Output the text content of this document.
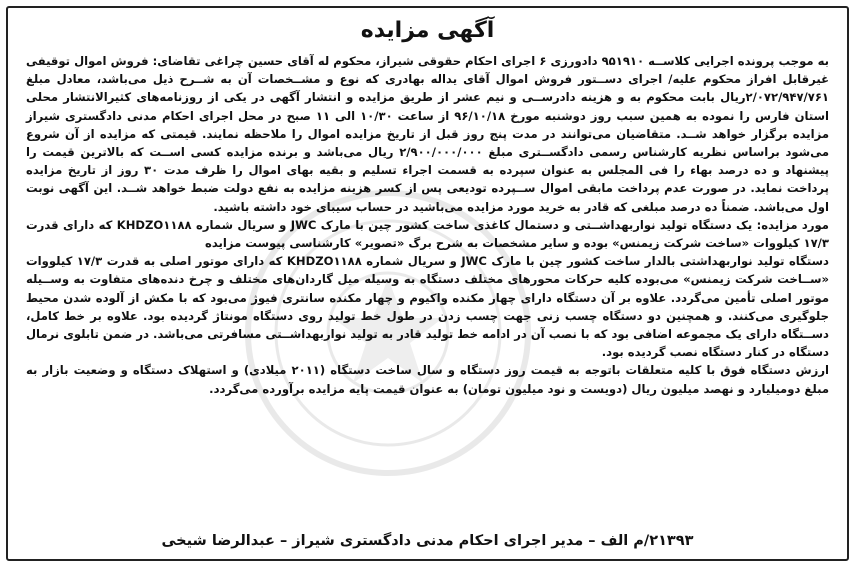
آگهی مزایده

به موجب پرونده اجرایی کلاســه ۹۵۱۹۱۰ دادورزی ۶ اجرای احکام حقوقی شیراز، محکوم له آقای حسین چراغی تقاضای: فروش اموال توقیفی غیرقابل افراز محکوم علیه/ اجرای دســتور فروش اموال آقای یداله بهادری که نوع و مشــخصات آن به شــرح ذیل می‌باشد، معادل مبلغ ۲/۰۷۲/۹۴۷/۷۶۱ریال بابت محکوم به و هزینه دادرســی و نیم عشر از طریق مزایده و انتشار آگهی در یکی از روزنامه‌های کثیرالانتشار محلی استان فارس را نموده به همین سبب روز دوشنبه مورخ ۹۶/۱۰/۱۸ از ساعت ۱۰/۳۰ الی ۱۱ صبح در محل اجرای احکام مدنی دادگستری شیراز مزایده برگزار خواهد شــد. متقاضیان می‌توانند در مدت پنج روز قبل از تاریخ مزایده اموال را ملاحظه نمایند. قیمتی که مزایده از آن شروع می‌شود براساس نظریه کارشناس رسمی دادگســتری مبلغ ۲/۹۰۰/۰۰۰/۰۰۰ ریال می‌باشد و برنده مزایده کسی اســت که بالاترین قیمت را پیشنهاد و ده درصد بهاء را فی المجلس به عنوان سپرده به قسمت اجراء تسلیم و بقیه بهای اموال را ظرف مدت ۳۰ روز از تاریخ مزایده پرداخت نماید. در صورت عدم پرداخت مابقی اموال ســپرده تودیعی پس از کسر هزینه مزایده به نفع دولت ضبط خواهد شــد. این آگهی نوبت اول می‌باشد. ضمناً ده درصد مبلغی که قادر به خرید مورد مزایده می‌باشید در حساب سیبای خود داشته باشید.

مورد مزایده: یک دستگاه تولید نواربهداشــتی و دستمال کاغذی ساخت کشور چین با مارک JWC و سریال شماره KHDZO۱۱۸۸ که دارای قدرت ۱۷/۳ کیلووات «ساخت شرکت زیمنس» بوده و سایر مشخصات به شرح برگ «تصویر» کارشناسی پیوست مزایده

دستگاه تولید نواربهداشتی بالدار ساخت کشور چین با مارک JWC و سریال شماره KHDZO۱۱۸۸ که دارای موتور اصلی به قدرت ۱۷/۳ کیلووات «ســاخت شرکت زیمنس» می‌بوده کلیه حرکات محورهای مختلف دستگاه به وسیله میل گاردان‌های مختلف و چرخ دنده‌های متفاوت به وســیله موتور اصلی تأمین می‌گردد. علاوه بر آن دستگاه دارای چهار مکنده واکیوم و چهار مکنده سانتری فیوژ می‌بود که با مکش از آلوده شدن محیط جلوگیری می‌کنند. و همچنین دو دستگاه چسب زنی جهت چسب زدن در طول خط تولید روی دستگاه مونتاژ گردیده بود. علاوه بر خط کامل، دســتگاه دارای یک مجموعه اضافی بود که با نصب آن در ادامه خط تولید قادر به تولید نواربهداشــتی مسافرتی می‌باشد. در ضمن تابلوی نرمال دستگاه در کنار دستگاه نصب گردیده بود.

ارزش دستگاه فوق با کلیه متعلقات باتوجه به قیمت روز دستگاه و سال ساخت دستگاه (۲۰۱۱ میلادی) و استهلاک دستگاه و وضعیت بازار به مبلغ دومیلیارد و نهصد میلیون ریال (دویست و نود میلیون تومان) به عنوان قیمت پایه مزایده برآورده می‌گردد.

۲۱۳۹۳/م الف – مدیر اجرای احکام مدنی دادگستری شیراز – عبدالرضا شیخی
